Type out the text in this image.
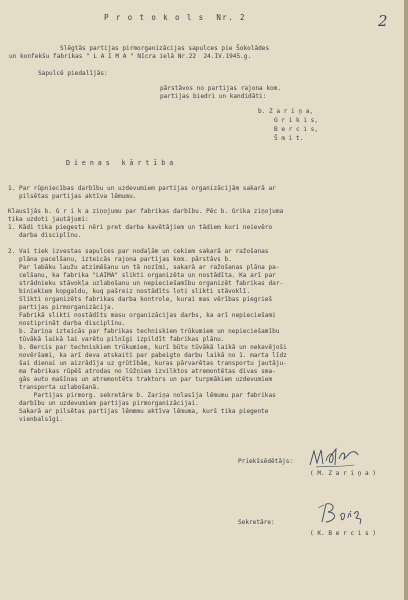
2
P r o t o k o l s  Nr. 2
Slēgtās partijas pirmorganizācijas sapulces pie Šokolādes
un konfekšu fabrikas " L A I M A " Nīcra ielā Nr.22  24.IV.1945.g.
Sapulcē piedalījās:
pārstāvos no partijas rajona kom.
partijas biedri un kandidāti:
b. Z a r i ņ a,
G r i k i s,
B e r c i s,
Š m i t.
D i e n a s   k ā r t ī b a
1. Par rūpniecības darbību un uzdevumiem partijas organizācijām sakarā ar
pilsētas partijas aktīva lēmumu.
Klausījās b. G r i k a ziņojumu par fabrikas darbību. Pēc b. Grika ziņojuma
tika uzdoti jautājumi:
1. Kādi tika piegesti nēri pret darba kavētājiem un tādiem kuri neievēro
darba disciplīnu.
2. Vai tiek izvestas sapulces par nodaļām un cekiem sakarā ar ražošanas
plāna pacelšanu, izteicās rajona partijas kom. pārstāvs b.
Par labāku laužu atzimēšanu un tā nozīmi, sakarā ar ražošanas plāna pa-
celšanu, ka fabrika "LAIMA" slikti organizēta un nostādīta. Ka arī par
strādnieku stāvokļa uzlabošanu un nepieciešamību organizēt fabrikas dar-
biniekiem kopgaldu, kuq pašreiz nostādīts loti slikti stāvoklī.
Slikti organizēts fabrikas darba kontrole, kurai mas vērības piegrieš
partijas pirmorganizācija.
Fabrikā slikti nostādīts masu organizācijas darbs, ka arī nepieciešami
nostiprināt darba disciplīnu.
b. Zariņa izteicās par fabrikas techniskiem trūkumiem un nepieciešamību
tūvākā laikā lai varētu pilnīgi izpildīt fabrikas plānu.
b. Bercis par techniskiem trūkumiem, kurī būtu tūvākā laikā un nekavējoši
novēršami, ka arī deva atskaiti par pabeigto darbu laikā no 1. marta līdz
šai dienai un aizrādīja uz grūtībām, kuras pārvarētas transportu jautāju-
ma fabrikas rūpēš atrodas no lūžņiem izvilktos atremontētas divas sma-
gās auto mašīnas un atremontēts traktors un par turpmākiem uzdevumiem
transporta uzlabošanā.
Partijas pirmorg. sekretāre b. Zariņa nolasīja lēmumu par fabrikas
darbību un uzdevumiem partijas pirmorganizācijai.
Sakarā ar pilsētas partijas lēmmmu aktīva lēmuma, kurš tika piegente
vienbalsīgi.
Priekšsēdētājs:
( M. Z a r i ņ a )
Sekretāre:
( K. B e r c i s )
